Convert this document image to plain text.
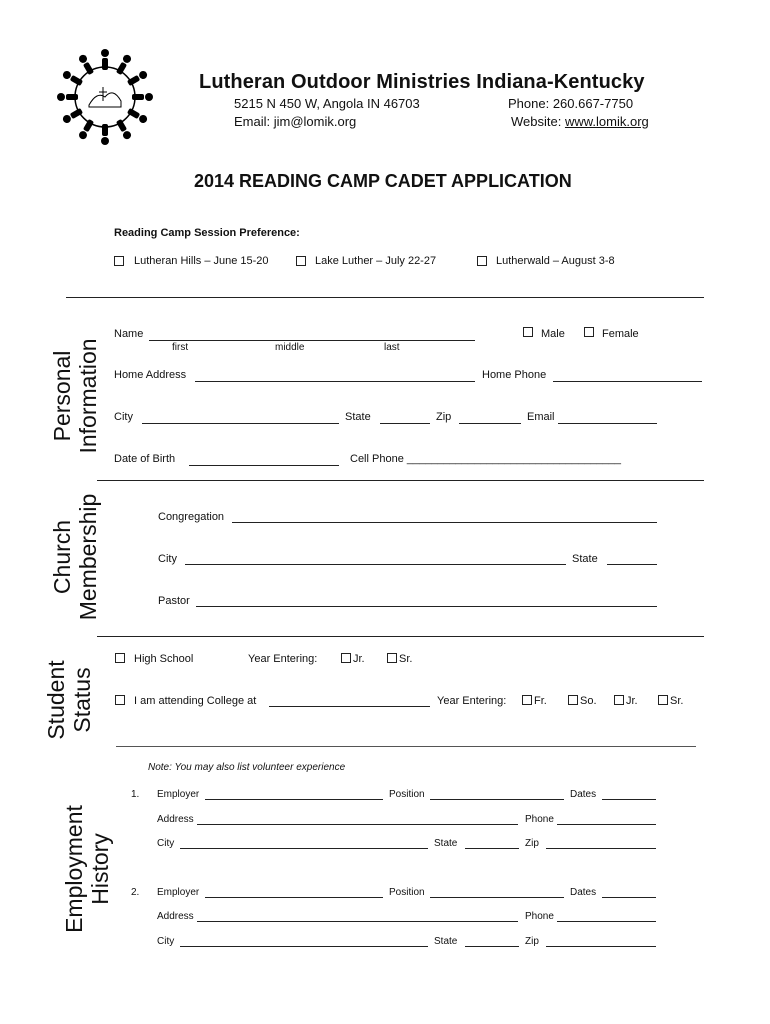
Lutheran Outdoor Ministries Indiana-Kentucky
5215 N 450 W, Angola IN 46703
Email: jim@lomik.org
Phone: 260.667-7750
Website: www.lomik.org
2014 READING CAMP CADET APPLICATION
Reading Camp Session Preference:
Lutheran Hills – June 15-20	Lake Luther – July 22-27	Lutherwald – August 3-8
Personal Information
Name
first	middle	last
Male	Female
Home Address	Home Phone
City	State	Zip	Email
Date of Birth	Cell Phone ___________________________________
Church Membership	Congregation
City	State
Pastor
Student Status
High School	Year Entering:	Jr.	Sr.
I am attending College at	Year Entering:	Fr.	So.	Jr.	Sr.
Employment History
Note: You may also list volunteer experience
1. Employer	Position	Dates
Address	Phone
City	State	Zip
2. Employer	Position	Dates
Address	Phone
City	State	Zip
